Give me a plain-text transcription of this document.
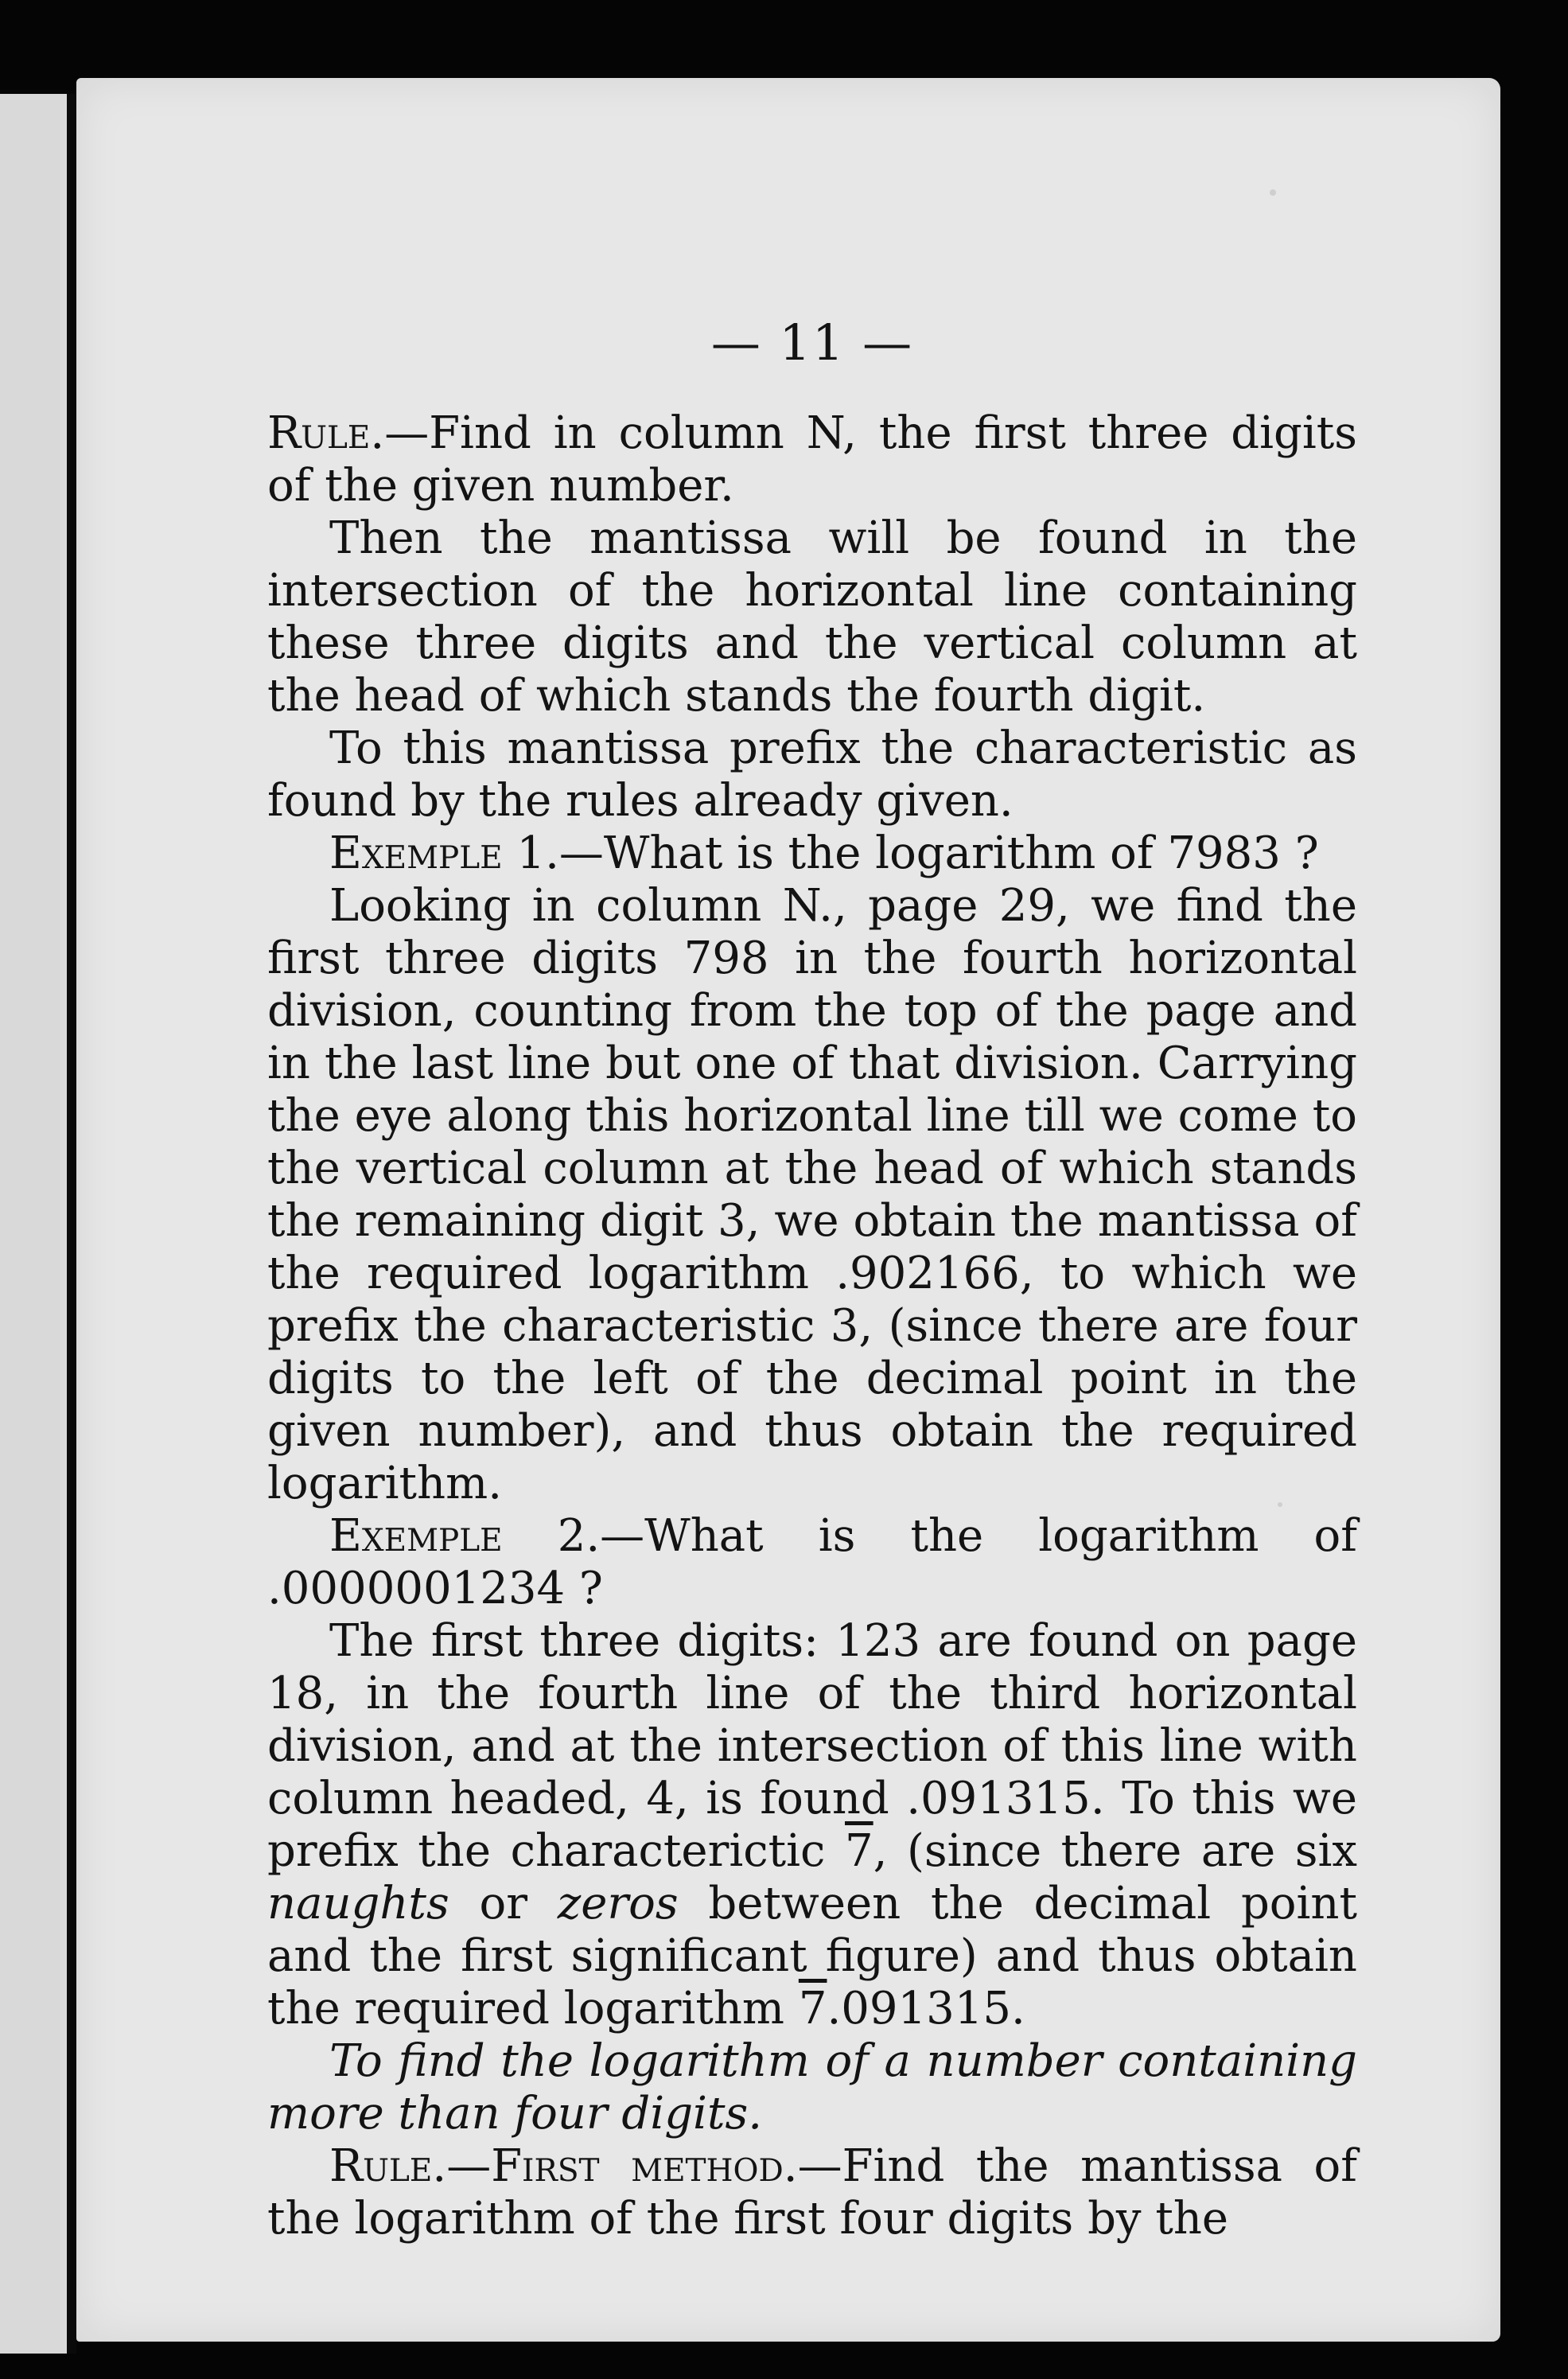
— 11 —

Rule.—Find in column N, the first three digits of the given number.

Then the mantissa will be found in the intersection of the horizontal line containing these three digits and the vertical column at the head of which stands the fourth digit.

To this mantissa prefix the characteristic as found by the rules already given.

Exemple 1.—What is the logarithm of 7983 ?

Looking in column N., page 29, we find the first three digits 798 in the fourth horizontal division, counting from the top of the page and in the last line but one of that division. Carrying the eye along this horizontal line till we come to the vertical column at the head of which stands the remaining digit 3, we obtain the mantissa of the required logarithm .902166, to which we prefix the characteristic 3, (since there are four digits to the left of the decimal point in the given number), and thus obtain the required logarithm.

Exemple 2.—What is the logarithm of .0000001234 ?

The first three digits: 123 are found on page 18, in the fourth line of the third horizontal division, and at the intersection of this line with column headed, 4, is found .091315. To this we prefix the characterictic 7, (since there are six naughts or zeros between the decimal point and the first significant figure) and thus obtain the required logarithm 7.091315.

To find the logarithm of a number containing more than four digits.

Rule.—First method.—Find the mantissa of the logarithm of the first four digits by the
